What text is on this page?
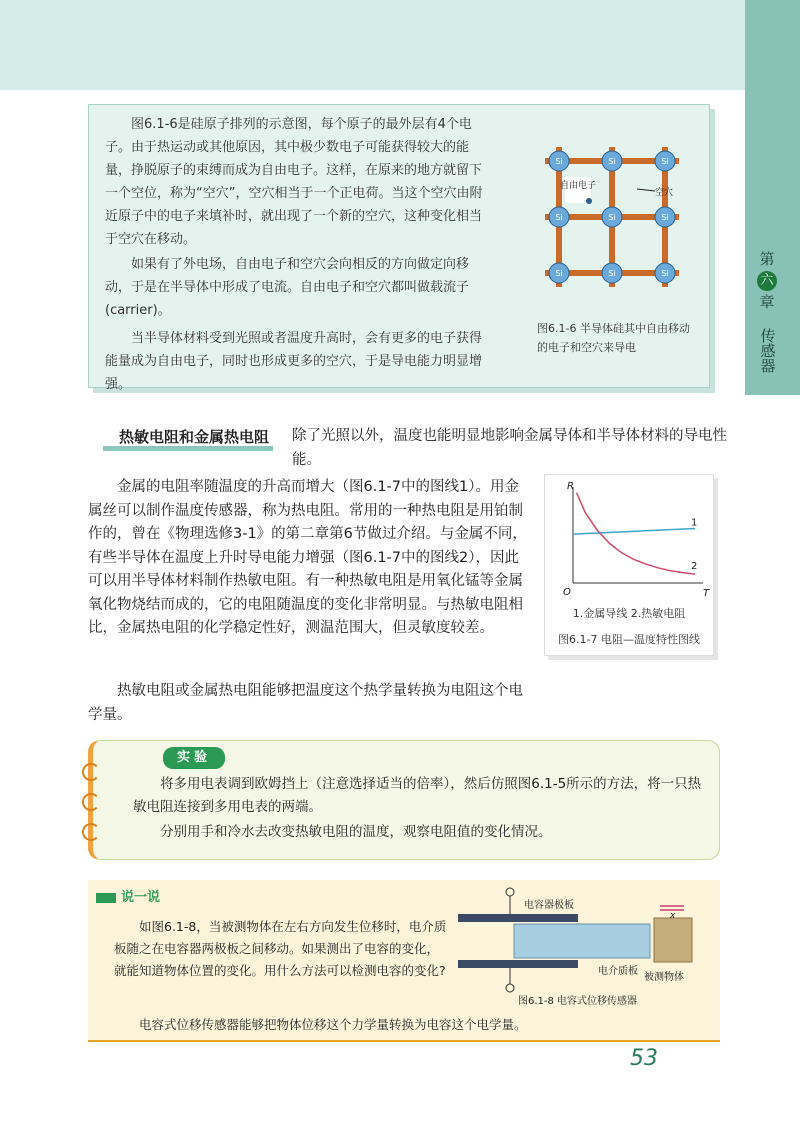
第
六
章
传感器

图6.1-6是硅原子排列的示意图，每个原子的最外层有4个电子。由于热运动或其他原因，其中极少数电子可能获得较大的能量，挣脱原子的束缚而成为自由电子。这样，在原来的地方就留下一个空位，称为“空穴”，空穴相当于一个正电荷。当这个空穴由附近原子中的电子来填补时，就出现了一个新的空穴，这种变化相当于空穴在移动。

如果有了外电场，自由电子和空穴会向相反的方向做定向移动，于是在半导体中形成了电流。自由电子和空穴都叫做载流子(carrier)。

当半导体材料受到光照或者温度升高时，会有更多的电子获得能量成为自由电子，同时也形成更多的空穴，于是导电能力明显增强。

Si	Si	Si
Si	Si	Si
Si	Si	Si
自由电子
空穴
图6.1-6 半导体硅其中自由移动的电子和空穴来导电
热敏电阻和金属热电阻 除了光照以外，温度也能明显地影响金属导体和半导体材料的导电性能。

金属的电阻率随温度的升高而增大（图6.1-7中的图线1）。用金属丝可以制作温度传感器，称为热电阻。常用的一种热电阻是用铂制作的，曾在《物理选修3-1》的第二章第6节做过介绍。与金属不同，有些半导体在温度上升时导电能力增强（图6.1-7中的图线2），因此可以用半导体材料制作热敏电阻。有一种热敏电阻是用氧化锰等金属氧化物烧结而成的，它的电阻随温度的变化非常明显。与热敏电阻相比，金属热电阻的化学稳定性好，测温范围大，但灵敏度较差。

热敏电阻或金属热电阻能够把温度这个热学量转换为电阻这个电学量。

R
T
O
1
2
1.金属导线 2.热敏电阻
图6.1-7 电阻—温度特性图线
实验

将多用电表调到欧姆挡上（注意选择适当的倍率），然后仿照图6.1-5所示的方法，将一只热敏电阻连接到多用电表的两端。

分别用手和冷水去改变热敏电阻的温度，观察电阻值的变化情况。

说一说

如图6.1-8，当被测物体在左右方向发生位移时，电介质板随之在电容器两极板之间移动。如果测出了电容的变化，就能知道物体位置的变化。用什么方法可以检测电容的变化?

电容式位移传感器能够把物体位移这个力学量转换为电容这个电学量。

电容器极板
电介质板
被测物体
x
图6.1-8 电容式位移传感器
53
